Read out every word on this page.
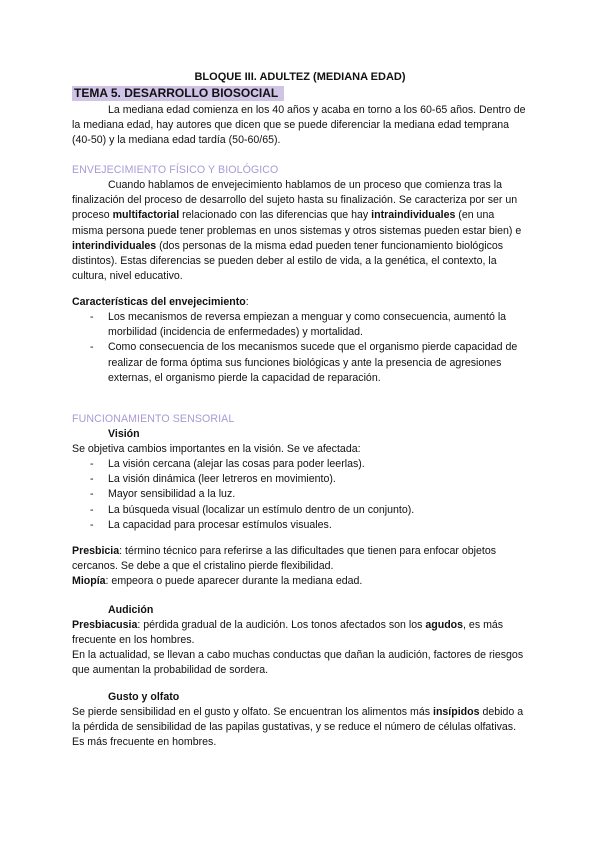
BLOQUE III. ADULTEZ (MEDIANA EDAD)
TEMA 5. DESARROLLO BIOSOCIAL
La mediana edad comienza en los 40 años y acaba en torno a los 60-65 años. Dentro de la mediana edad, hay autores que dicen que se puede diferenciar la mediana edad temprana (40-50) y la mediana edad tardía (50-60/65).
ENVEJECIMIENTO FÍSICO Y BIOLÓGICO
Cuando hablamos de envejecimiento hablamos de un proceso que comienza tras la finalización del proceso de desarrollo del sujeto hasta su finalización. Se caracteriza por ser un proceso multifactorial relacionado con las diferencias que hay intraindividuales (en una misma persona puede tener problemas en unos sistemas y otros sistemas pueden estar bien) e interindividuales (dos personas de la misma edad pueden tener funcionamiento biológicos distintos). Estas diferencias se pueden deber al estilo de vida, a la genética, el contexto, la cultura, nivel educativo.
Características del envejecimiento:
- Los mecanismos de reversa empiezan a menguar y como consecuencia, aumentó la morbilidad (incidencia de enfermedades) y mortalidad.
- Como consecuencia de los mecanismos sucede que el organismo pierde capacidad de realizar de forma óptima sus funciones biológicas y ante la presencia de agresiones externas, el organismo pierde la capacidad de reparación.
FUNCIONAMIENTO SENSORIAL
Visión
Se objetiva cambios importantes en la visión. Se ve afectada:
- La visión cercana (alejar las cosas para poder leerlas).
- La visión dinámica (leer letreros en movimiento).
- Mayor sensibilidad a la luz.
- La búsqueda visual (localizar un estímulo dentro de un conjunto).
- La capacidad para procesar estímulos visuales.
Presbicia: término técnico para referirse a las dificultades que tienen para enfocar objetos cercanos. Se debe a que el cristalino pierde flexibilidad.
Miopía: empeora o puede aparecer durante la mediana edad.
Audición
Presbiacusia: pérdida gradual de la audición. Los tonos afectados son los agudos, es más frecuente en los hombres.
En la actualidad, se llevan a cabo muchas conductas que dañan la audición, factores de riesgos que aumentan la probabilidad de sordera.
Gusto y olfato
Se pierde sensibilidad en el gusto y olfato. Se encuentran los alimentos más insípidos debido a la pérdida de sensibilidad de las papilas gustativas, y se reduce el número de células olfativas. Es más frecuente en hombres.
